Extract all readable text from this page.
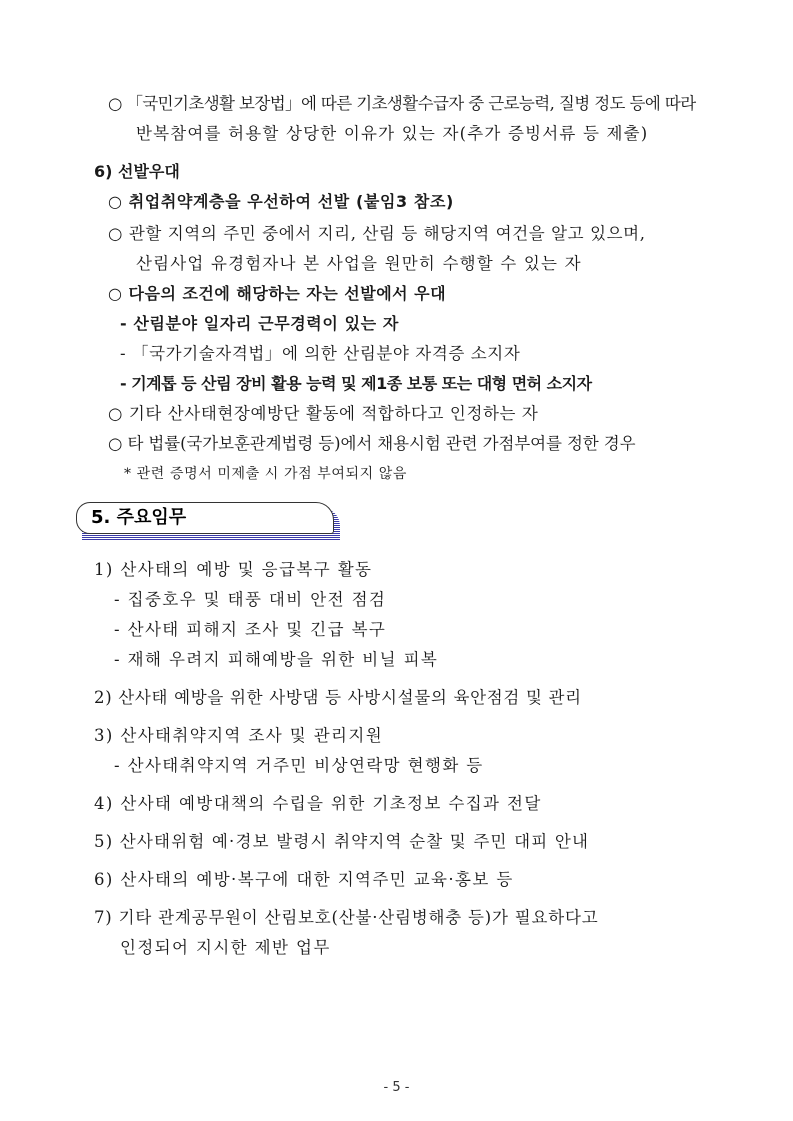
○ 「국민기초생활 보장법」에 따른 기초생활수급자 중 근로능력, 질병 정도 등에 따라
반복참여를 허용할 상당한 이유가 있는 자(추가 증빙서류 등 제출)
6) 선발우대
○ 취업취약계층을 우선하여 선발 (붙임3 참조)
○ 관할 지역의 주민 중에서 지리, 산림 등 해당지역 여건을 알고 있으며,
산림사업 유경험자나 본 사업을 원만히 수행할 수 있는 자
○ 다음의 조건에 해당하는 자는 선발에서 우대
- 산림분야 일자리 근무경력이 있는 자
- 「국가기술자격법」에 의한 산림분야 자격증 소지자
- 기계톱 등 산림 장비 활용 능력 및 제1종 보통 또는 대형 면허 소지자
○ 기타 산사태현장예방단 활동에 적합하다고 인정하는 자
○ 타 법률(국가보훈관계법령 등)에서 채용시험 관련 가점부여를 정한 경우
* 관련 증명서 미제출 시 가점 부여되지 않음
5. 주요임무
1) 산사태의 예방 및 응급복구 활동
- 집중호우 및 태풍 대비 안전 점검
- 산사태 피해지 조사 및 긴급 복구
- 재해 우려지 피해예방을 위한 비닐 피복
2) 산사태 예방을 위한 사방댐 등 사방시설물의 육안점검 및 관리
3) 산사태취약지역 조사 및 관리지원
- 산사태취약지역 거주민 비상연락망 현행화 등
4) 산사태 예방대책의 수립을 위한 기초정보 수집과 전달
5) 산사태위험 예·경보 발령시 취약지역 순찰 및 주민 대피 안내
6) 산사태의 예방·복구에 대한 지역주민 교육·홍보 등
7) 기타 관계공무원이 산림보호(산불·산림병해충 등)가 필요하다고
인정되어 지시한 제반 업무
- 5 -
